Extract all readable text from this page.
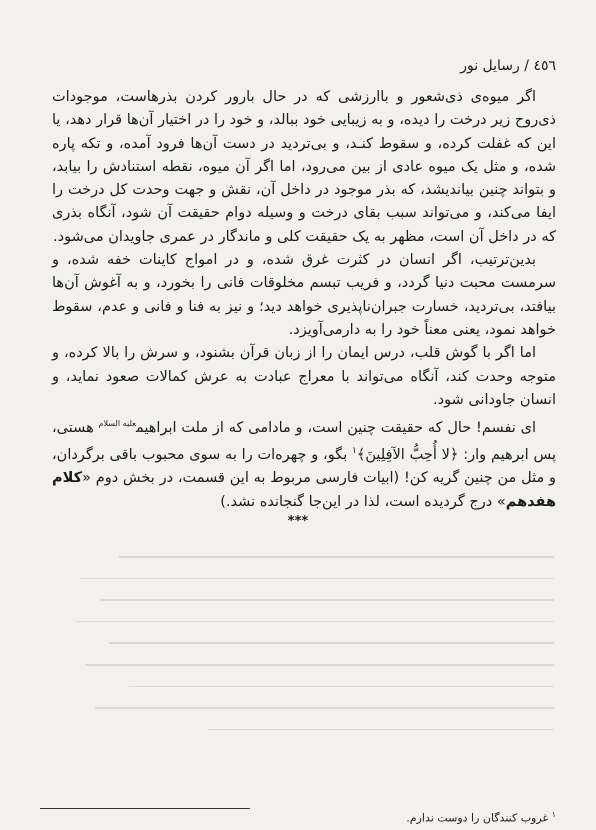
٤٥٦ / رسایل نور

اگر میوه‌ی ذی‌شعور و باارزشی که در حال بارور کردن بذرهاست، موجودات ذی‌روح زیر درخت را دیده، و به زیبایی خود ببالد، و خود را در اختیار آن‌ها قرار دهد، یا این که غفلت کرده، و سقوط کنـد، و بی‌تردید در دست آن‌ها فرود آمده، و تکه پاره شده، و مثل یک میوه عادی از بین می‌رود، اما اگر آن میوه، نقطه استنادش را بیابد، و بتواند چنین بیاندیشد، که بذر موجود در داخل آن، نقش و جهت وحدت کل درخت را ایفا می‌کند، و می‌تواند سبب بقای درخت و وسیله دوام حقیقت آن شود، آنگاه بذری که در داخل آن است، مظهر به یک حقیقت کلی و ماندگار در عمری جاویدان می‌شود.

بدین‌ترتیب، اگر انسان در کثرت غرق شده، و در امواج کاینات خفه شده، و سرمست محبت دنیا گردد، و فریب تبسم مخلوقات فانی را بخورد، و به آغوش آن‌ها بیافتد، بی‌تردید، خسارت جبران‌ناپذیری خواهد دید؛ و نیز به فنا و فانی و عدم، سقوط خواهد نمود، یعنی معناً خود را به دارمی‌آویزد.

اما اگر با گوش قلب، درس ایمان را از زبان قرآن بشنود، و سرش را بالا کرده، و متوجه وحدت کند، آنگاه می‌تواند با معراج عبادت به عرش کمالات صعود نماید، و انسان جاودانی شود.

ای نفسم! حال که حقیقت چنین است، و مادامی که از ملت ابراهیم$^{عليه السلام}$ هستی، پس ابرهیم وار: ﴿لا أُحِبُّ الآفِلِينَ﴾$^١$ بگو، و چهره‌ات را به سوی محبوب باقی برگردان، و مثل من چنین گریه کن! (ابیات فارسی مربوط به این قسمت، در بخش دوم «کلام هفدهم» درج گردیده است، لذا در این‌جا گنجانده نشد.)

***
$^١$ غروب کنندگان را دوست ندارم.
